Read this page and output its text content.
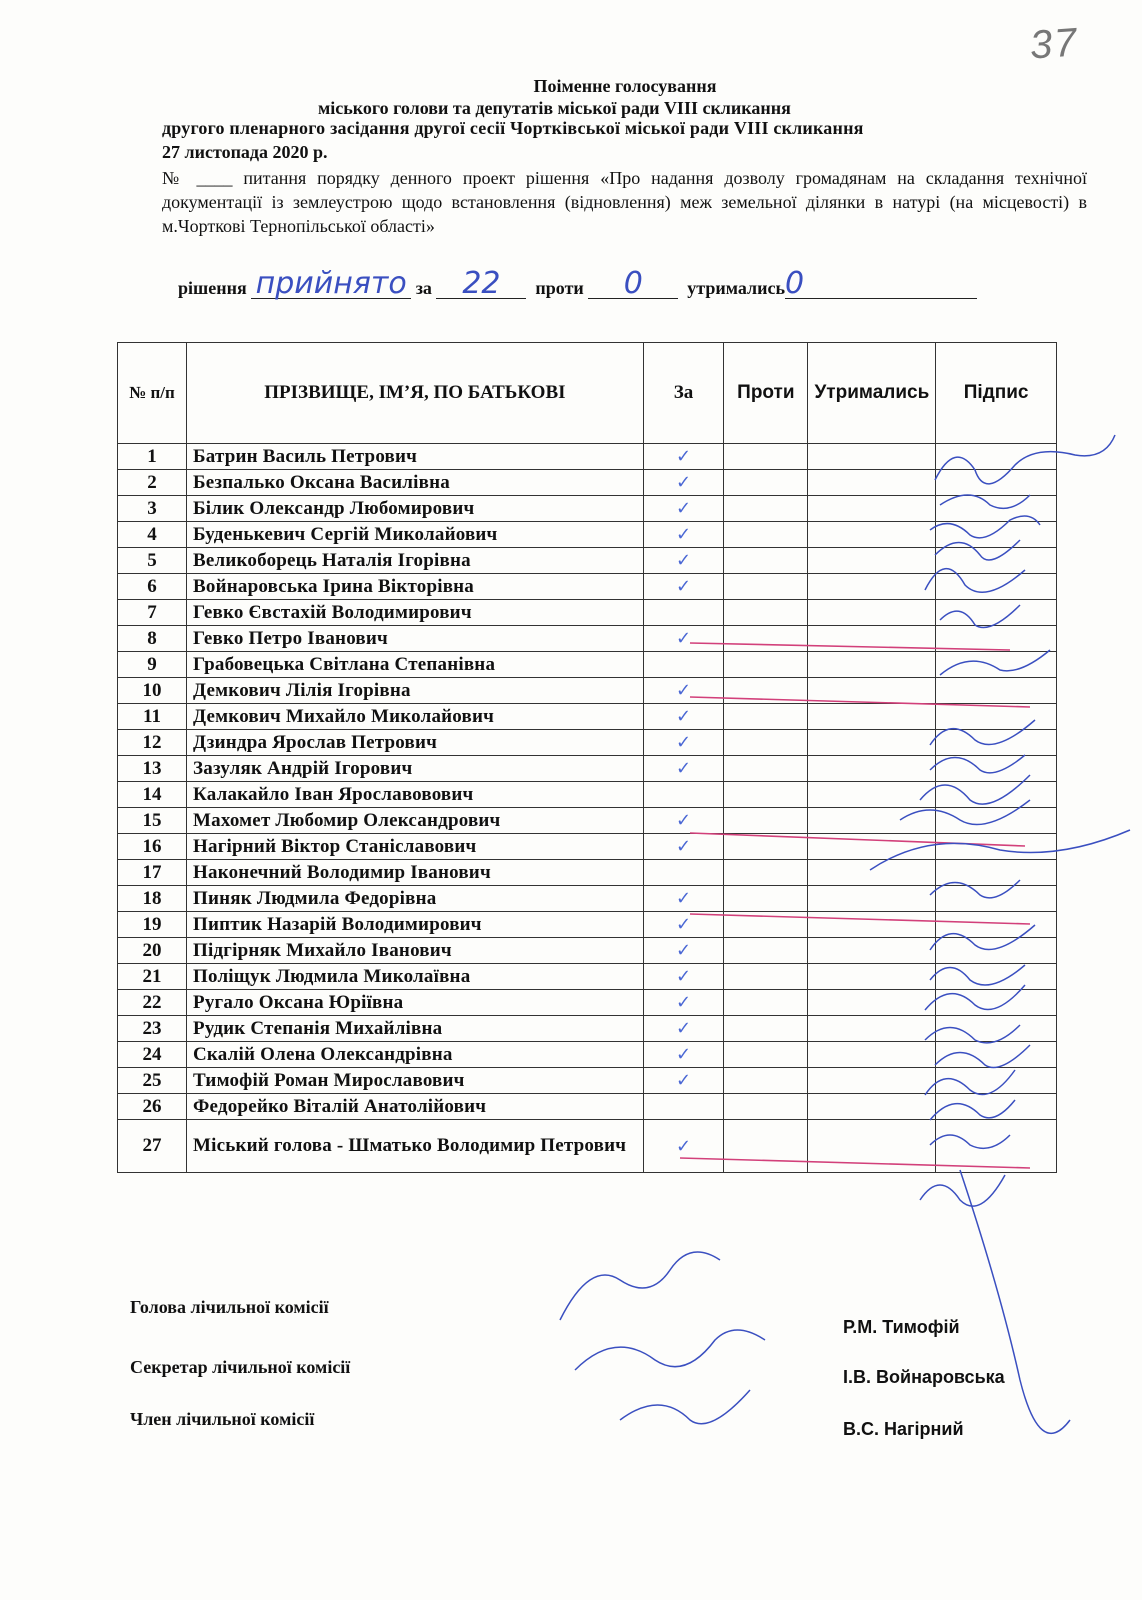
37
Поіменне голосування
міського голови та депутатів міської ради VIII скликання
другого пленарного засідання другої сесії Чортківської міської ради VIII скликання
27 листопада 2020 р.
№ ____ питання порядку денного проект рішення «Про надання дозволу громадянам на складання технічної документації із землеустрою щодо встановлення (відновлення) меж земельної ділянки в натурі (на місцевості) в м.Чорткові Тернопільської області»
рішення прийнято за 22 проти 0 утримались0
№ п/п	ПРІЗВИЩЕ, ІМ’Я, ПО БАТЬКОВІ	За	Проти	Утримались	Підпис
1	Батрин Василь Петрович	✓			
2	Безпалько Оксана Василівна	✓			
3	Білик Олександр Любомирович	✓			
4	Буденькевич Сергій Миколайович	✓			
5	Великоборець Наталія Ігорівна	✓			
6	Войнаровська Ірина Вікторівна	✓			
7	Гевко Євстахій Володимирович				
8	Гевко Петро Іванович	✓			
9	Грабовецька Світлана Степанівна				
10	Демкович Лілія Ігорівна	✓			
11	Демкович Михайло Миколайович	✓			
12	Дзиндра Ярослав Петрович	✓			
13	Зазуляк Андрій Ігорович	✓			
14	Калакайло Іван Ярославовович				
15	Махомет Любомир Олександрович	✓			
16	Нагірний Віктор Станіславович	✓			
17	Наконечний Володимир Іванович				
18	Пиняк Людмила Федорівна	✓			
19	Пиптик Назарій Володимирович	✓			
20	Підгірняк Михайло Іванович	✓			
21	Поліщук Людмила Миколаївна	✓			
22	Ругало Оксана Юріївна	✓			
23	Рудик Степанія Михайлівна	✓			
24	Скалій Олена Олександрівна	✓			
25	Тимофій Роман Мирославович	✓			
26	Федорейко Віталій Анатолійович				
27	Міський голова - Шматько Володимир Петрович	✓			
Голова лічильної комісії
Р.М. Тимофій
Секретар лічильної комісії	І.В. Войнаровська
Член лічильної комісії	В.С. Нагірний
